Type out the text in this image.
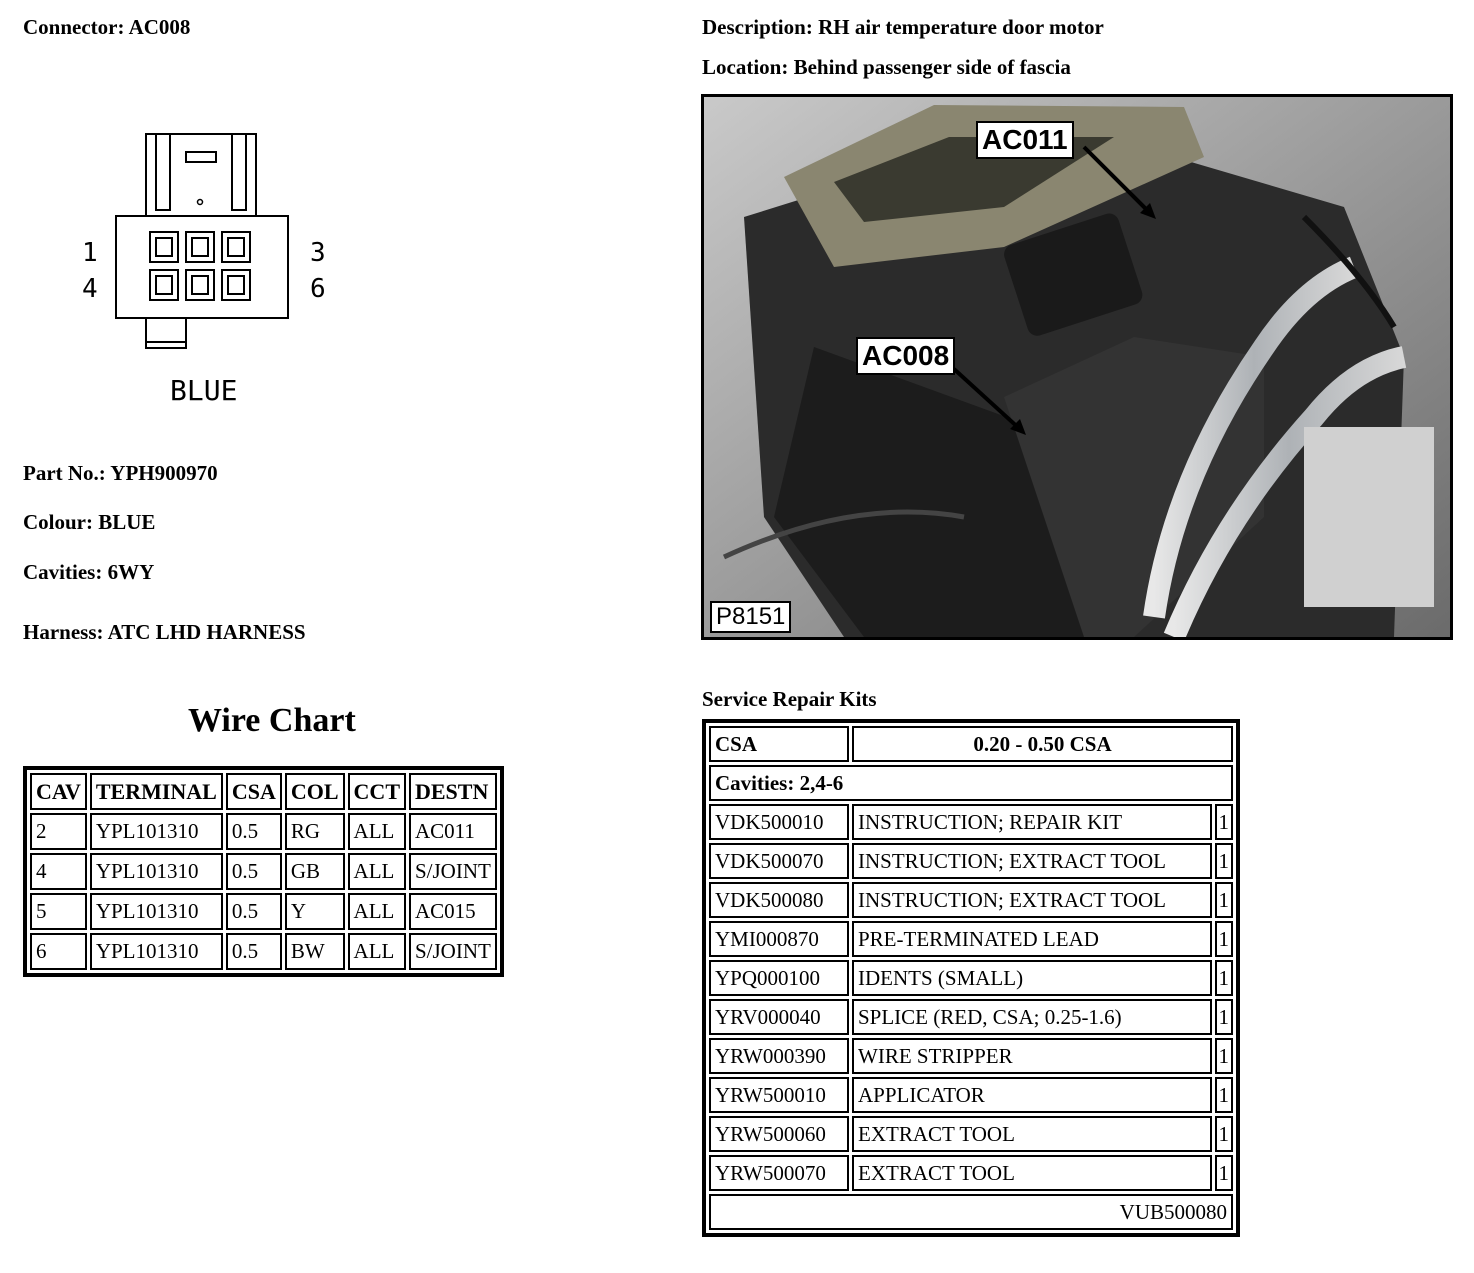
Connector: AC008	Description: RH air temperature door motor
Location: Behind passenger side of fascia
1	3
4	6
BLUE
AC011
AC008
P8151
Part No.: YPH900970
Colour: BLUE
Cavities: 6WY
Harness: ATC LHD HARNESS
Wire Chart
CAV	TERMINAL	CSA	COL	CCT	DESTN
2	YPL101310	0.5	RG	ALL	AC011
4	YPL101310	0.5	GB	ALL	S/JOINT
5	YPL101310	0.5	Y	ALL	AC015
6	YPL101310	0.5	BW	ALL	S/JOINT
Service Repair Kits
CSA	0.20 - 0.50 CSA	
Cavities: 2,4-6		
VDK500010	INSTRUCTION; REPAIR KIT	1
VDK500070	INSTRUCTION; EXTRACT TOOL	1
VDK500080	INSTRUCTION; EXTRACT TOOL	1
YMI000870	PRE-TERMINATED LEAD	1
YPQ000100	IDENTS (SMALL)	1
YRV000040	SPLICE (RED, CSA; 0.25-1.6)	1
YRW000390	WIRE STRIPPER	1
YRW500010	APPLICATOR	1
YRW500060	EXTRACT TOOL	1
YRW500070	EXTRACT TOOL	1
VUB500080		
